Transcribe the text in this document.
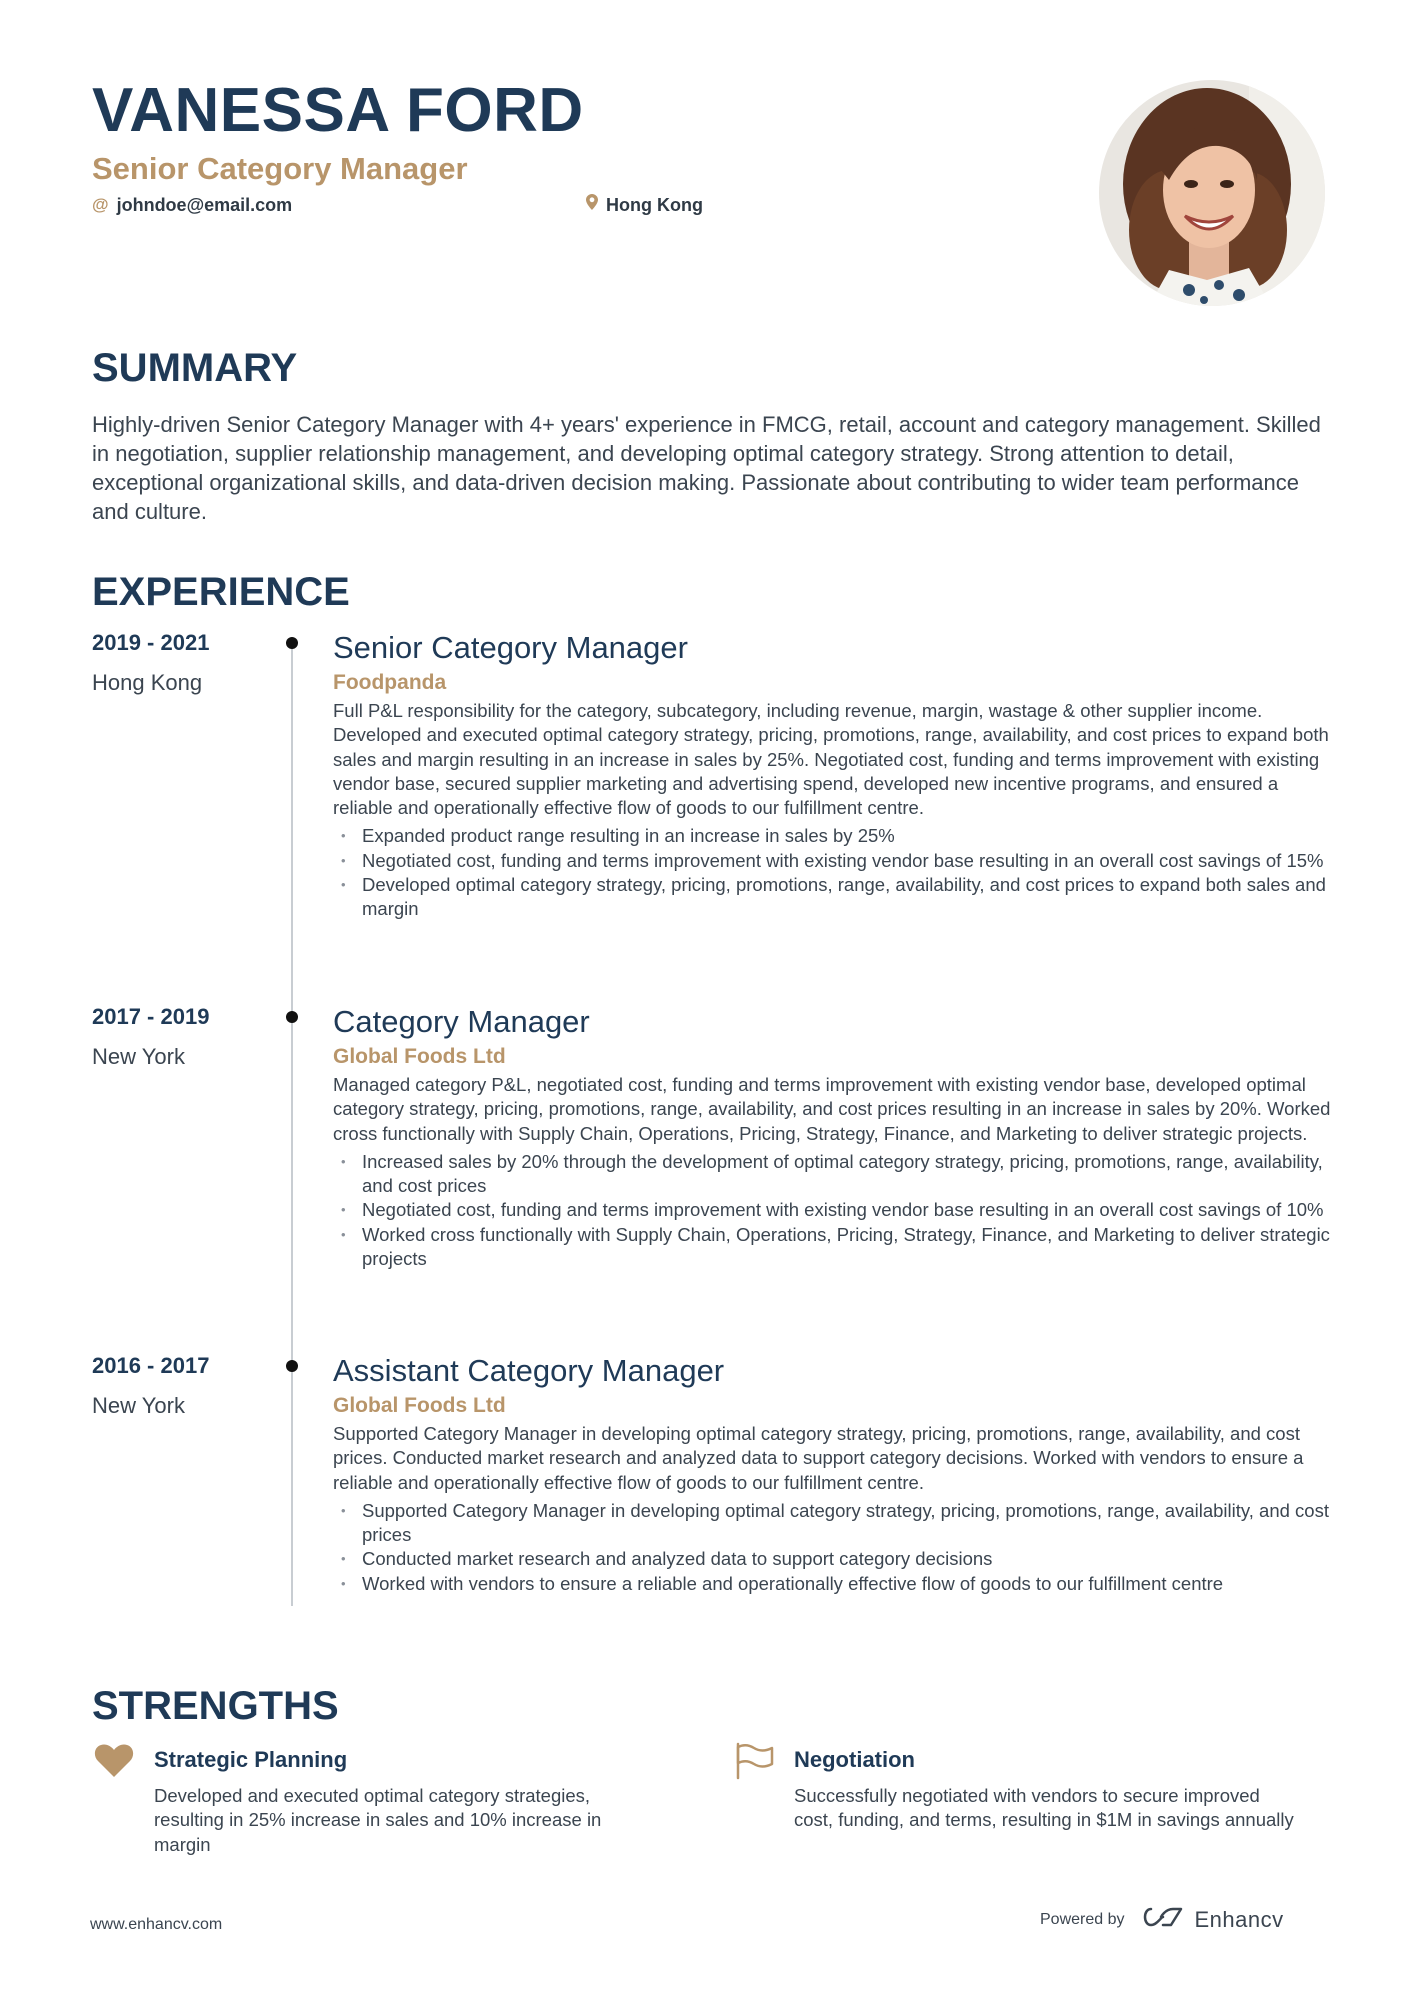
VANESSA FORD
Senior Category Manager
@ johndoe@email.com	Hong Kong
SUMMARY

Highly-driven Senior Category Manager with 4+ years' experience in FMCG, retail, account and category management. Skilled in negotiation, supplier relationship management, and developing optimal category strategy. Strong attention to detail, exceptional organizational skills, and data-driven decision making. Passionate about contributing to wider team performance and culture.

EXPERIENCE
2019 - 2021
Hong Kong
Senior Category Manager
Foodpanda

Full P&L responsibility for the category, subcategory, including revenue, margin, wastage & other supplier income. Developed and executed optimal category strategy, pricing, promotions, range, availability, and cost prices to expand both sales and margin resulting in an increase in sales by 25%. Negotiated cost, funding and terms improvement with existing vendor base, secured supplier marketing and advertising spend, developed new incentive programs, and ensured a reliable and operationally effective flow of goods to our fulfillment centre.

• Expanded product range resulting in an increase in sales by 25%
• Negotiated cost, funding and terms improvement with existing vendor base resulting in an overall cost savings of 15%
• Developed optimal category strategy, pricing, promotions, range, availability, and cost prices to expand both sales and margin
2017 - 2019
New York
Category Manager
Global Foods Ltd

Managed category P&L, negotiated cost, funding and terms improvement with existing vendor base, developed optimal category strategy, pricing, promotions, range, availability, and cost prices resulting in an increase in sales by 20%. Worked cross functionally with Supply Chain, Operations, Pricing, Strategy, Finance, and Marketing to deliver strategic projects.

• Increased sales by 20% through the development of optimal category strategy, pricing, promotions, range, availability, and cost prices
• Negotiated cost, funding and terms improvement with existing vendor base resulting in an overall cost savings of 10%
• Worked cross functionally with Supply Chain, Operations, Pricing, Strategy, Finance, and Marketing to deliver strategic projects
2016 - 2017
New York
Assistant Category Manager
Global Foods Ltd

Supported Category Manager in developing optimal category strategy, pricing, promotions, range, availability, and cost prices. Conducted market research and analyzed data to support category decisions. Worked with vendors to ensure a reliable and operationally effective flow of goods to our fulfillment centre.

• Supported Category Manager in developing optimal category strategy, pricing, promotions, range, availability, and cost prices
• Conducted market research and analyzed data to support category decisions
• Worked with vendors to ensure a reliable and operationally effective flow of goods to our fulfillment centre
STRENGTHS
Strategic Planning
Developed and executed optimal category strategies, resulting in 25% increase in sales and 10% increase in margin
Negotiation
Successfully negotiated with vendors to secure improved cost, funding, and terms, resulting in $1M in savings annually
www.enhancv.com	Powered by	Enhancv
